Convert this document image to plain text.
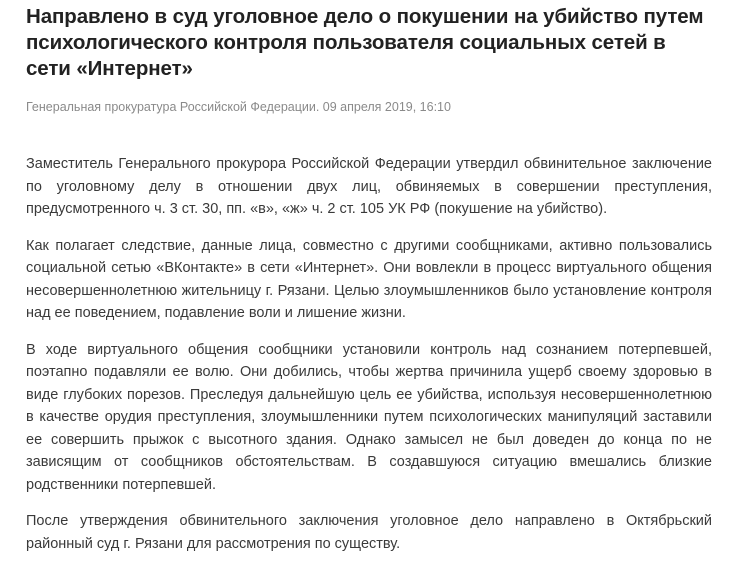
Направлено в суд уголовное дело о покушении на убийство путем психологического контроля пользователя социальных сетей в сети «Интернет»
Генеральная прокуратура Российской Федерации. 09 апреля 2019, 16:10

Заместитель Генерального прокурора Российской Федерации утвердил обвинительное заключение по уголовному делу в отношении двух лиц, обвиняемых в совершении преступления, предусмотренного ч. 3 ст. 30, пп. «в», «ж» ч. 2 ст. 105 УК РФ (покушение на убийство).

Как полагает следствие, данные лица, совместно с другими сообщниками, активно пользовались социальной сетью «ВКонтакте» в сети «Интернет». Они вовлекли в процесс виртуального общения несовершеннолетнюю жительницу г. Рязани. Целью злоумышленников было установление контроля над ее поведением, подавление воли и лишение жизни.

В ходе виртуального общения сообщники установили контроль над сознанием потерпевшей, поэтапно подавляли ее волю. Они добились, чтобы жертва причинила ущерб своему здоровью в виде глубоких порезов. Преследуя дальнейшую цель ее убийства, используя несовершеннолетнюю в качестве орудия преступления, злоумышленники путем психологических манипуляций заставили ее совершить прыжок с высотного здания. Однако замысел не был доведен до конца по не зависящим от сообщников обстоятельствам. В создавшуюся ситуацию вмешались близкие родственники потерпевшей.

После утверждения обвинительного заключения уголовное дело направлено в Октябрьский районный суд г. Рязани для рассмотрения по существу.
